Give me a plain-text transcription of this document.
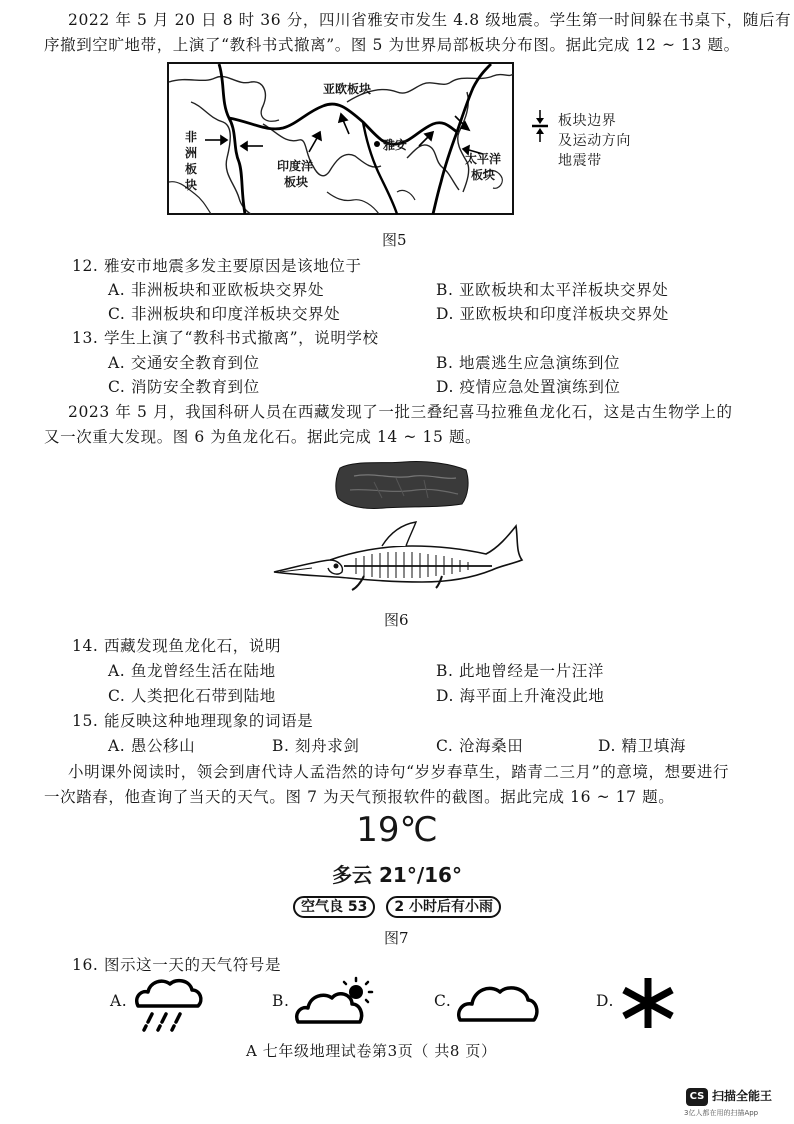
2022 年 5 月 20 日 8 时 36 分，四川省雅安市发生 4.8 级地震。学生第一时间躲在书桌下，随后有
序撤到空旷地带，上演了“教科书式撤离”。图 5 为世界局部板块分布图。据此完成 12 ~ 13 题。
亚欧板块
非
洲
板
块
印度洋
板块
雅安
太平洋
板块
板块边界
及运动方向
地震带
图5
12. 雅安市地震多发主要原因是该地位于
A. 非洲板块和亚欧板块交界处	B. 亚欧板块和太平洋板块交界处
C. 非洲板块和印度洋板块交界处	D. 亚欧板块和印度洋板块交界处
13. 学生上演了“教科书式撤离”，说明学校
A. 交通安全教育到位	B. 地震逃生应急演练到位
C. 消防安全教育到位	D. 疫情应急处置演练到位
2023 年 5 月，我国科研人员在西藏发现了一批三叠纪喜马拉雅鱼龙化石，这是古生物学上的
又一次重大发现。图 6 为鱼龙化石。据此完成 14 ~ 15 题。
图6
14. 西藏发现鱼龙化石，说明
A. 鱼龙曾经生活在陆地	B. 此地曾经是一片汪洋
C. 人类把化石带到陆地	D. 海平面上升淹没此地
15. 能反映这种地理现象的词语是
A. 愚公移山	B. 刻舟求剑	C. 沧海桑田	D. 精卫填海
小明课外阅读时，领会到唐代诗人孟浩然的诗句“岁岁春草生，踏青二三月”的意境，想要进行
一次踏春，他查询了当天的天气。图 7 为天气预报软件的截图。据此完成 16 ~ 17 题。
19℃
多云 21°/16°
空气良 53 2 小时后有小雨
图7
16. 图示这一天的天气符号是
A.	B.	C.	D.
A 七年级地理试卷第3页（ 共8 页）
CS 扫描全能王
3亿人都在用的扫描App
